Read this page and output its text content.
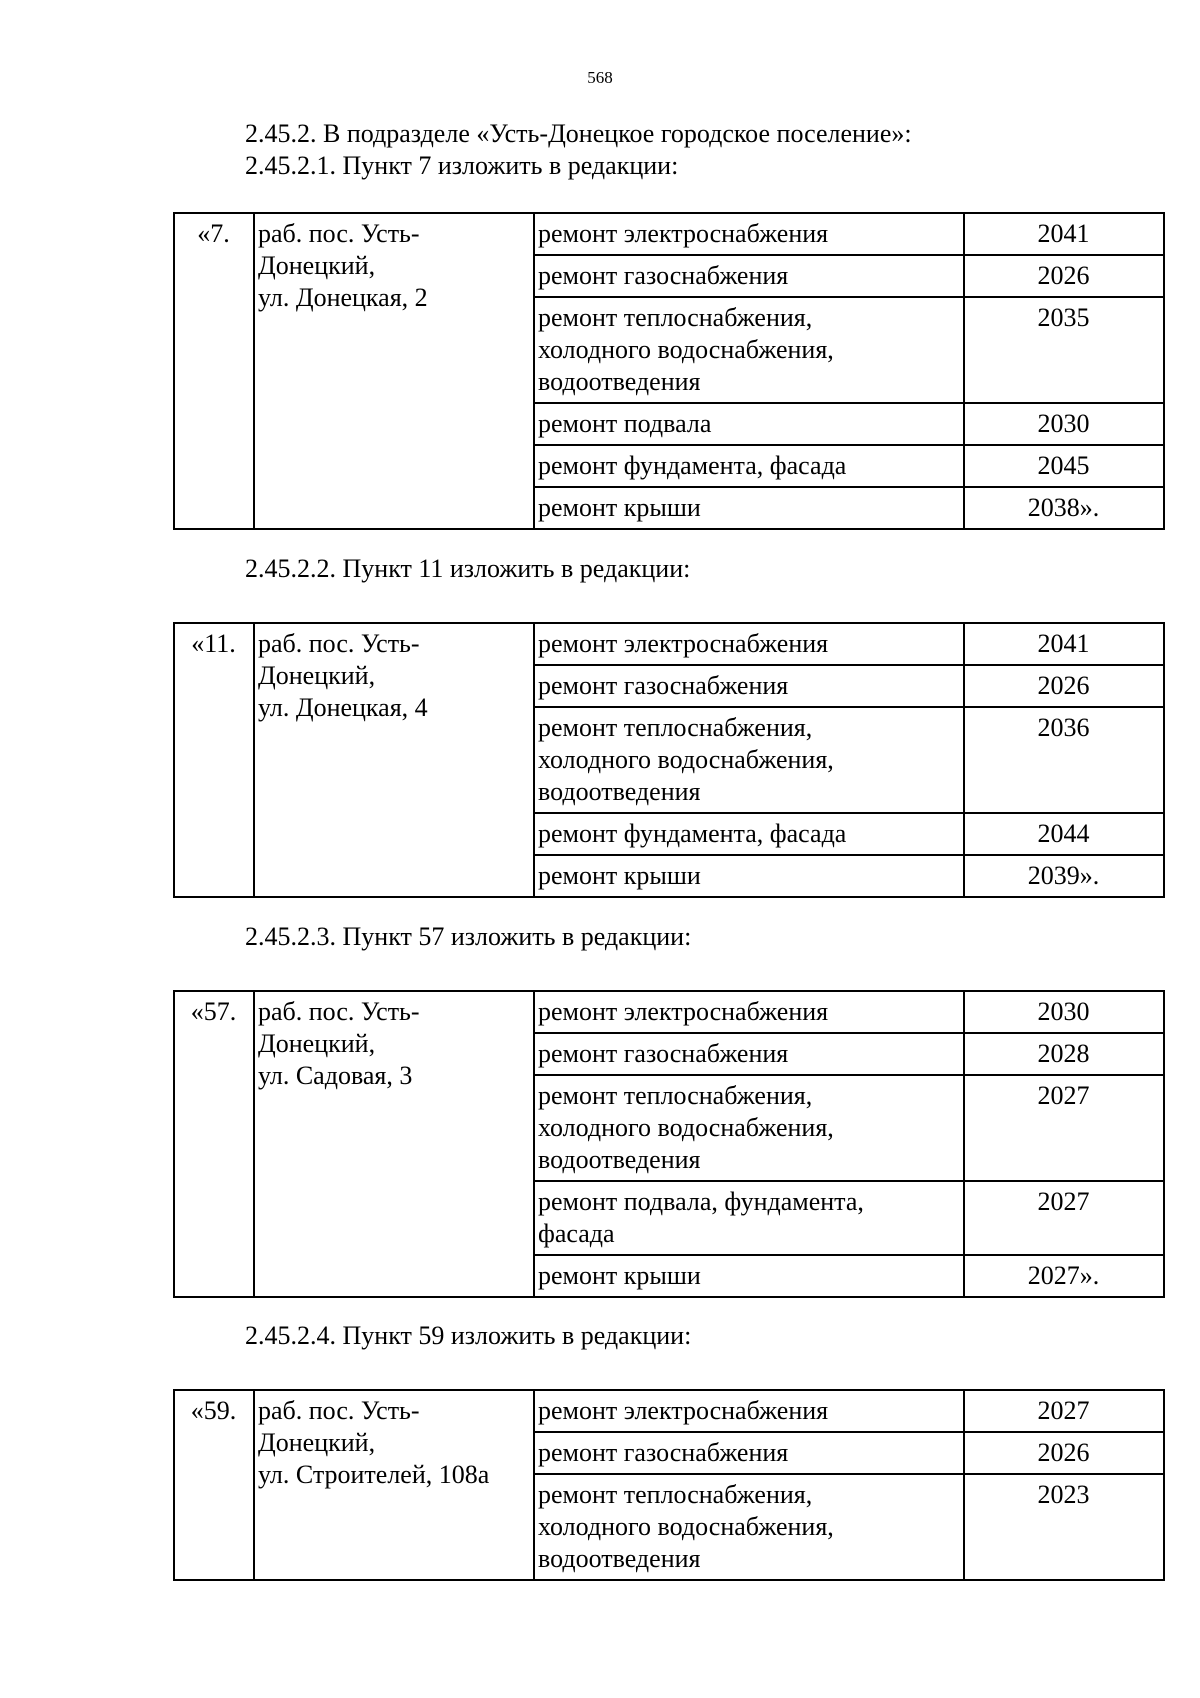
568
2.45.2. В подразделе «Усть-Донецкое городское поселение»:
2.45.2.1. Пункт 7 изложить в редакции:
«7.	раб. пос. Усть-
Донецкий,
ул. Донецкая, 2	ремонт электроснабжения	2041

		ремонт газоснабжения	2026

		ремонт теплоснабжения,
холодного водоснабжения,
водоотведения	2035

		ремонт подвала	2030

		ремонт фундамента, фасада	2045

		ремонт крыши	2038».
2.45.2.2. Пункт 11 изложить в редакции:
«11.	раб. пос. Усть-
Донецкий,
ул. Донецкая, 4	ремонт электроснабжения	2041

		ремонт газоснабжения	2026

		ремонт теплоснабжения,
холодного водоснабжения,
водоотведения	2036

		ремонт фундамента, фасада	2044

		ремонт крыши	2039».
2.45.2.3. Пункт 57 изложить в редакции:
«57.	раб. пос. Усть-
Донецкий,
ул. Садовая, 3	ремонт электроснабжения	2030

		ремонт газоснабжения	2028

		ремонт теплоснабжения,
холодного водоснабжения,
водоотведения	2027

		ремонт подвала, фундамента,
фасада	2027

		ремонт крыши	2027».
2.45.2.4. Пункт 59 изложить в редакции:
«59.	раб. пос. Усть-
Донецкий,
ул. Строителей, 108а	ремонт электроснабжения	2027

		ремонт газоснабжения	2026

		ремонт теплоснабжения,
холодного водоснабжения,
водоотведения	2023
